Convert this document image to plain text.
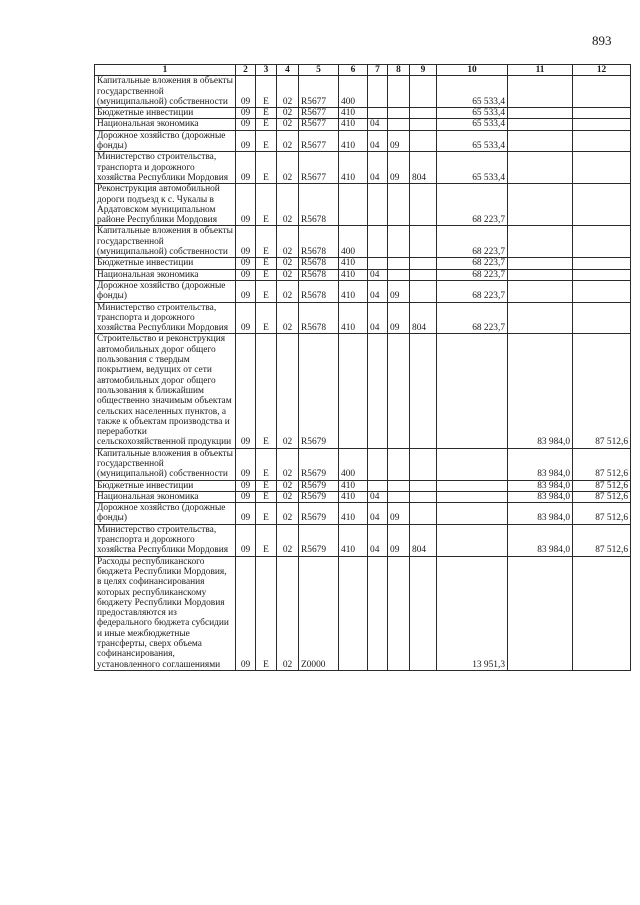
893
1	2	3	4	5	6	7	8	9	10	11	12
Капитальные вложения в объекты государственной (муниципальной) собственности	09	Е	02	R5677	400				65 533,4		
Бюджетные инвестиции	09	Е	02	R5677	410				65 533,4		
Национальная экономика	09	Е	02	R5677	410	04			65 533,4		
Дорожное хозяйство (дорожные фонды)	09	Е	02	R5677	410	04	09		65 533,4		
Министерство строительства, транспорта и дорожного хозяйства Республики Мордовия	09	Е	02	R5677	410	04	09	804	65 533,4		
Реконструкция автомобильной дороги подъезд к с. Чукалы в Ардатовском муниципальном районе Республики Мордовия	09	Е	02	R5678					68 223,7		
Капитальные вложения в объекты государственной (муниципальной) собственности	09	Е	02	R5678	400				68 223,7		
Бюджетные инвестиции	09	Е	02	R5678	410				68 223,7		
Национальная экономика	09	Е	02	R5678	410	04			68 223,7		
Дорожное хозяйство (дорожные фонды)	09	Е	02	R5678	410	04	09		68 223,7		
Министерство строительства, транспорта и дорожного хозяйства Республики Мордовия	09	Е	02	R5678	410	04	09	804	68 223,7		
Строительство и реконструкция автомобильных дорог общего пользования с твердым покрытием, ведущих от сети автомобильных дорог общего пользования к ближайшим общественно значимым объектам сельских населенных пунктов, а также к объектам производства и переработки сельскохозяйственной продукции	09	Е	02	R5679						83 984,0	87 512,6
Капитальные вложения в объекты государственной (муниципальной) собственности	09	Е	02	R5679	400					83 984,0	87 512,6
Бюджетные инвестиции	09	Е	02	R5679	410					83 984,0	87 512,6
Национальная экономика	09	Е	02	R5679	410	04				83 984,0	87 512,6
Дорожное хозяйство (дорожные фонды)	09	Е	02	R5679	410	04	09			83 984,0	87 512,6
Министерство строительства, транспорта и дорожного хозяйства Республики Мордовия	09	Е	02	R5679	410	04	09	804		83 984,0	87 512,6
Расходы республиканского бюджета Республики Мордовия, в целях софинансирования которых республиканскому бюджету Республики Мордовия предоставляются из федерального бюджета субсидии и иные межбюджетные трансферты, сверх объема софинансирования, установленного соглашениями	09	Е	02	Z0000					13 951,3		
